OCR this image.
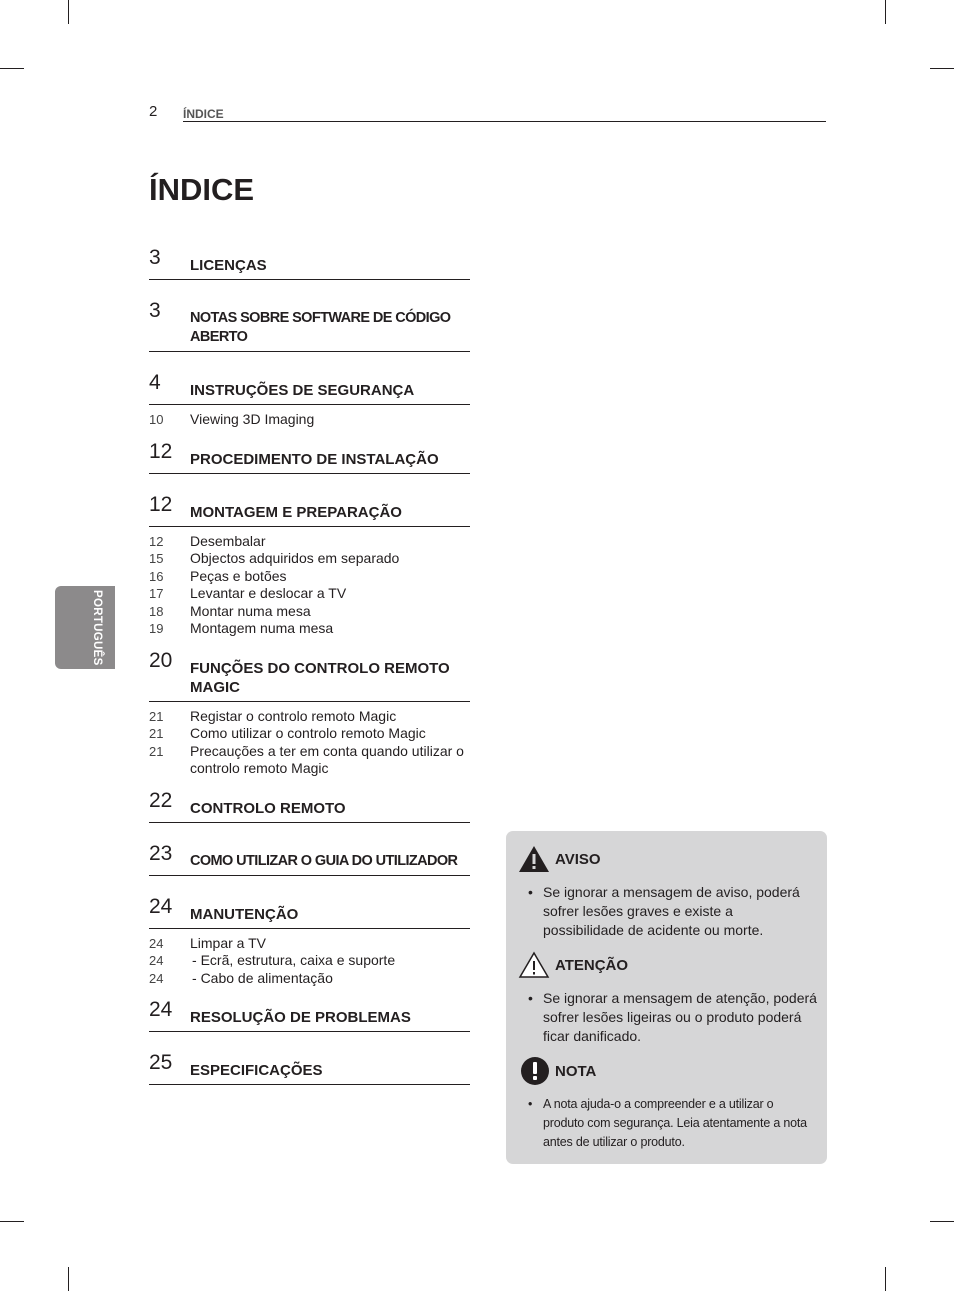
2 ÍNDICE
ÍNDICE
3 LICENÇAS
3 NOTAS SOBRE SOFTWARE DE CÓDIGO ABERTO
4 INSTRUÇÕES DE SEGURANÇA
10 Viewing 3D Imaging
12 PROCEDIMENTO DE INSTALAÇÃO
12 MONTAGEM E PREPARAÇÃO
12 Desembalar
15 Objectos adquiridos em separado
16 Peças e botões
17 Levantar e deslocar a TV
18 Montar numa mesa
19 Montagem numa mesa
20 FUNÇÕES DO CONTROLO REMOTO MAGIC
21 Registar o controlo remoto Magic
21 Como utilizar o controlo remoto Magic
21 Precauções a ter em conta quando utilizar o controlo remoto Magic
22 CONTROLO REMOTO
23 COMO UTILIZAR O GUIA DO UTILIZADOR
24 MANUTENÇÃO
24 Limpar a TV
24	- Ecrã, estrutura, caixa e suporte
24	- Cabo de alimentação
24 RESOLUÇÃO DE PROBLEMAS
25 ESPECIFICAÇÕES
PORTUGUÊS
AVISO
• Se ignorar a mensagem de aviso, poderá sofrer lesões graves e existe a possibilidade de acidente ou morte.
ATENÇÃO
• Se ignorar a mensagem de atenção, poderá sofrer lesões ligeiras ou o produto poderá ficar danificado.
NOTA
• A nota ajuda-o a compreender e a utilizar o produto com segurança. Leia atentamente a nota antes de utilizar o produto.
